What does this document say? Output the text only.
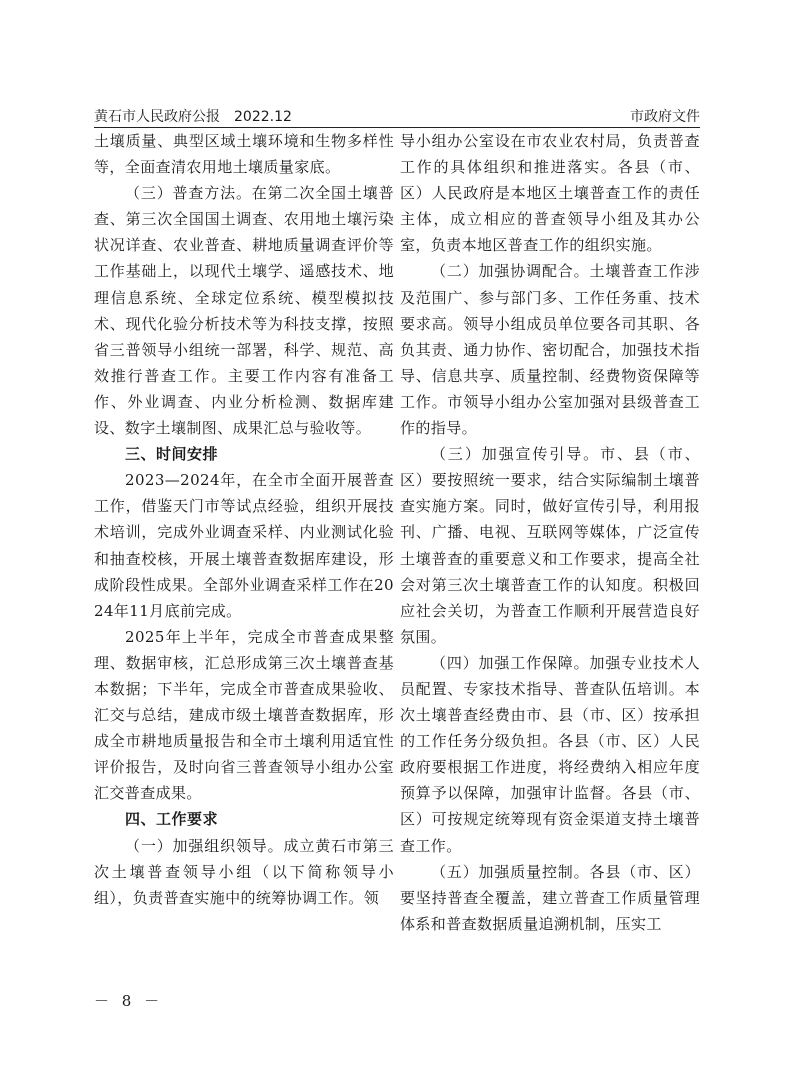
黄石市人民政府公报　2022.12	市政府文件

土壤质量、典型区域土壤环境和生物多样性等，全面查清农用地土壤质量家底。

（三）普查方法。在第二次全国土壤普查、第三次全国国土调查、农用地土壤污染状况详查、农业普查、耕地质量调查评价等工作基础上，以现代土壤学、遥感技术、地理信息系统、全球定位系统、模型模拟技术、现代化验分析技术等为科技支撑，按照省三普领导小组统一部署，科学、规范、高效推行普查工作。主要工作内容有准备工作、外业调查、内业分析检测、数据库建设、数字土壤制图、成果汇总与验收等。

三、时间安排

2023—2024年，在全市全面开展普查工作，借鉴天门市等试点经验，组织开展技术培训，完成外业调查采样、内业测试化验和抽查校核，开展土壤普查数据库建设，形成阶段性成果。全部外业调查采样工作在2024年11月底前完成。

2025年上半年，完成全市普查成果整理、数据审核，汇总形成第三次土壤普查基本数据；下半年，完成全市普查成果验收、汇交与总结，建成市级土壤普查数据库，形成全市耕地质量报告和全市土壤利用适宜性评价报告，及时向省三普查领导小组办公室汇交普查成果。

四、工作要求

（一）加强组织领导。成立黄石市第三次土壤普查领导小组（以下简称领导小组），负责普查实施中的统筹协调工作。领

导小组办公室设在市农业农村局，负责普查工作的具体组织和推进落实。各县（市、区）人民政府是本地区土壤普查工作的责任主体，成立相应的普查领导小组及其办公室，负责本地区普查工作的组织实施。

（二）加强协调配合。土壤普查工作涉及范围广、参与部门多、工作任务重、技术要求高。领导小组成员单位要各司其职、各负其责、通力协作、密切配合，加强技术指导、信息共享、质量控制、经费物资保障等工作。市领导小组办公室加强对县级普查工作的指导。

（三）加强宣传引导。市、县（市、区）要按照统一要求，结合实际编制土壤普查实施方案。同时，做好宣传引导，利用报刊、广播、电视、互联网等媒体，广泛宣传土壤普查的重要意义和工作要求，提高全社会对第三次土壤普查工作的认知度。积极回应社会关切，为普查工作顺利开展营造良好氛围。

（四）加强工作保障。加强专业技术人员配置、专家技术指导、普查队伍培训。本次土壤普查经费由市、县（市、区）按承担的工作任务分级负担。各县（市、区）人民政府要根据工作进度，将经费纳入相应年度预算予以保障，加强审计监督。各县（市、区）可按规定统筹现有资金渠道支持土壤普查工作。

（五）加强质量控制。各县（市、区）要坚持普查全覆盖，建立普查工作质量管理体系和普查数据质量追溯机制，压实工

－ 8 －
